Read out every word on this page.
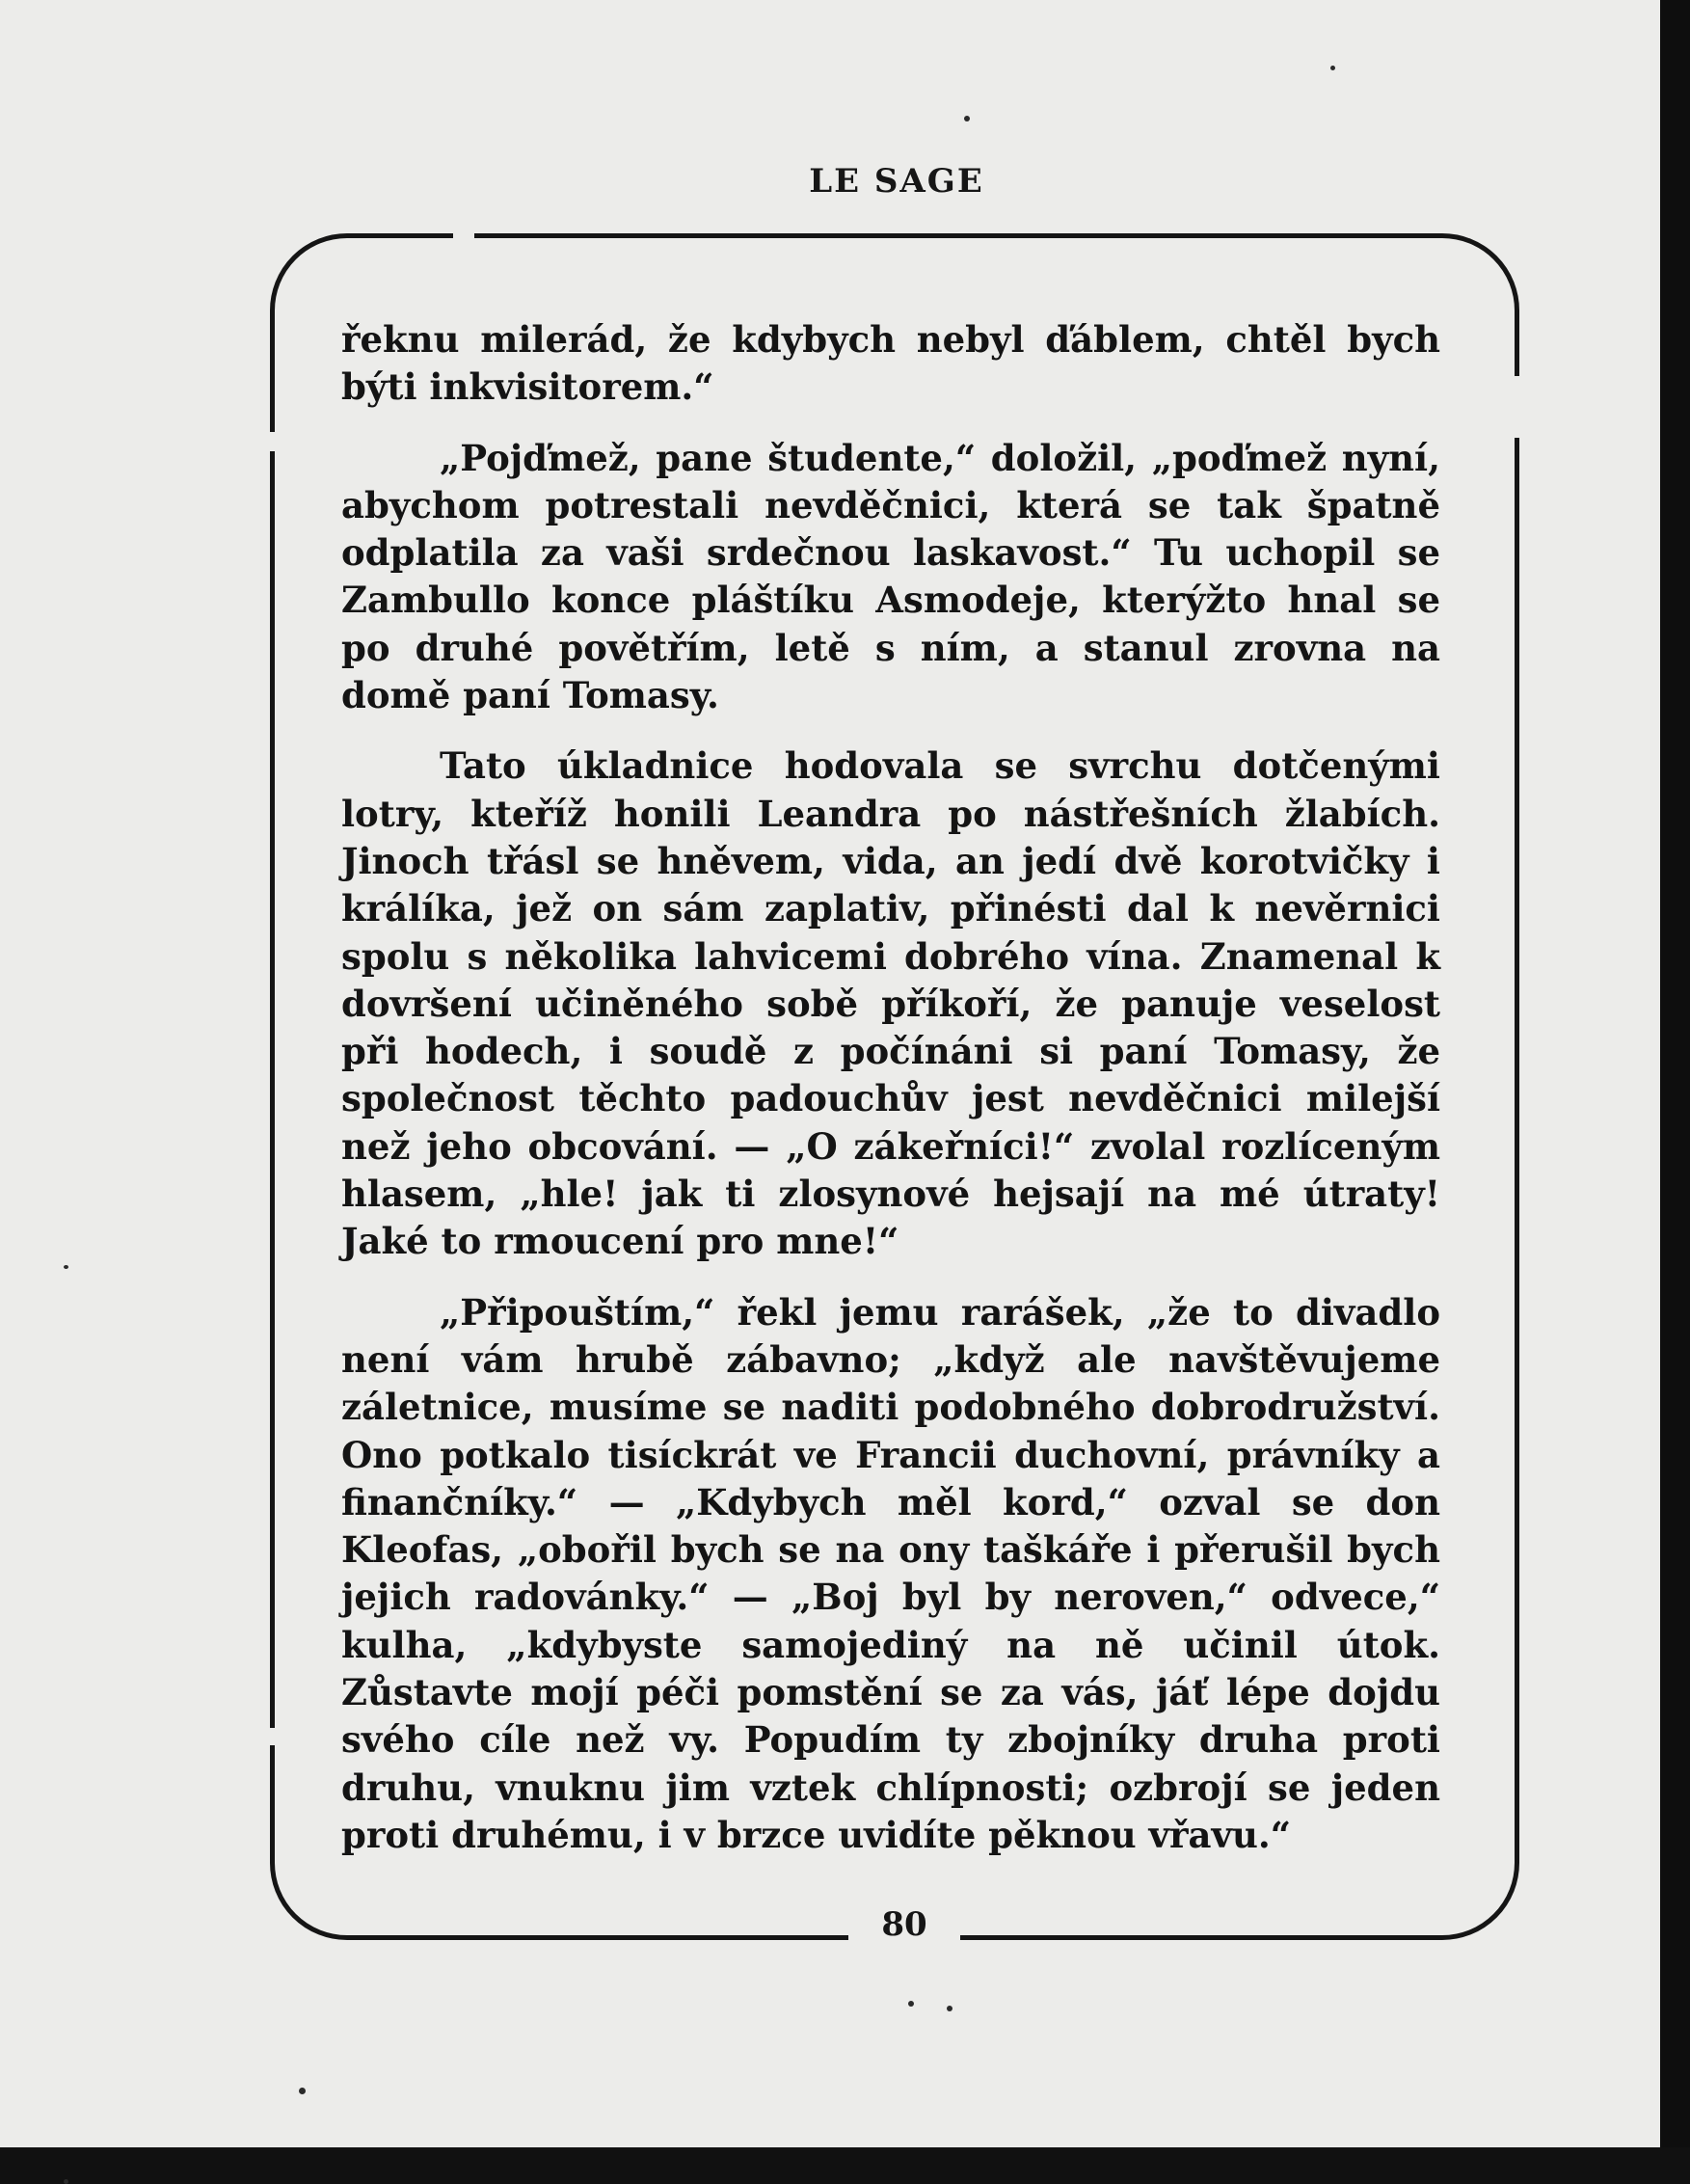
LE SAGE

řeknu milerád, že kdybych nebyl ďáblem, chtěl bych býti inkvisitorem.“

„Pojďmež, pane študente,“ doložil, „poďmež nyní, abychom potrestali nevděčnici, která se tak špatně odplatila za vaši srdečnou laskavost.“ Tu uchopil se Zambullo konce pláštíku Asmodeje, kterýžto hnal se po druhé povětřím, letě s ním, a stanul zrovna na domě paní Tomasy.

Tato úkladnice hodovala se svrchu dotčenými lotry, kteříž honili Leandra po nástřešních žlabích. Jinoch třásl se hněvem, vida, an jedí dvě korotvičky i králíka, jež on sám zaplativ, přinésti dal k nevěrnici spolu s několika lahvicemi dobrého vína. Znamenal k dovršení učiněného sobě příkoří, že panuje veselost při hodech, i soudě z počínáni si paní Tomasy, že společnost těchto padouchův jest nevděčnici milejší než jeho obcování. — „O zákeřníci!“ zvolal rozlíceným hlasem, „hle! jak ti zlosynové hejsají na mé útraty! Jaké to rmoucení pro mne!“

„Připouštím,“ řekl jemu rarášek, „že to divadlo není vám hrubě zábavno; „když ale navštěvujeme záletnice, musíme se naditi podobného dobrodružství. Ono potkalo tisíckrát ve Francii duchovní, právníky a finančníky.“ — „Kdybych měl kord,“ ozval se don Kleofas, „obořil bych se na ony taškáře i přerušil bych jejich radovánky.“ — „Boj byl by neroven,“ odvece,“ kulha, „kdybyste samojediný na ně učinil útok. Zůstavte mojí péči pomstění se za vás, jáť lépe dojdu svého cíle než vy. Popudím ty zbojníky druha proti druhu, vnuknu jim vztek chlípnosti; ozbrojí se jeden proti druhému, i v brzce uvidíte pěknou vřavu.“

80
